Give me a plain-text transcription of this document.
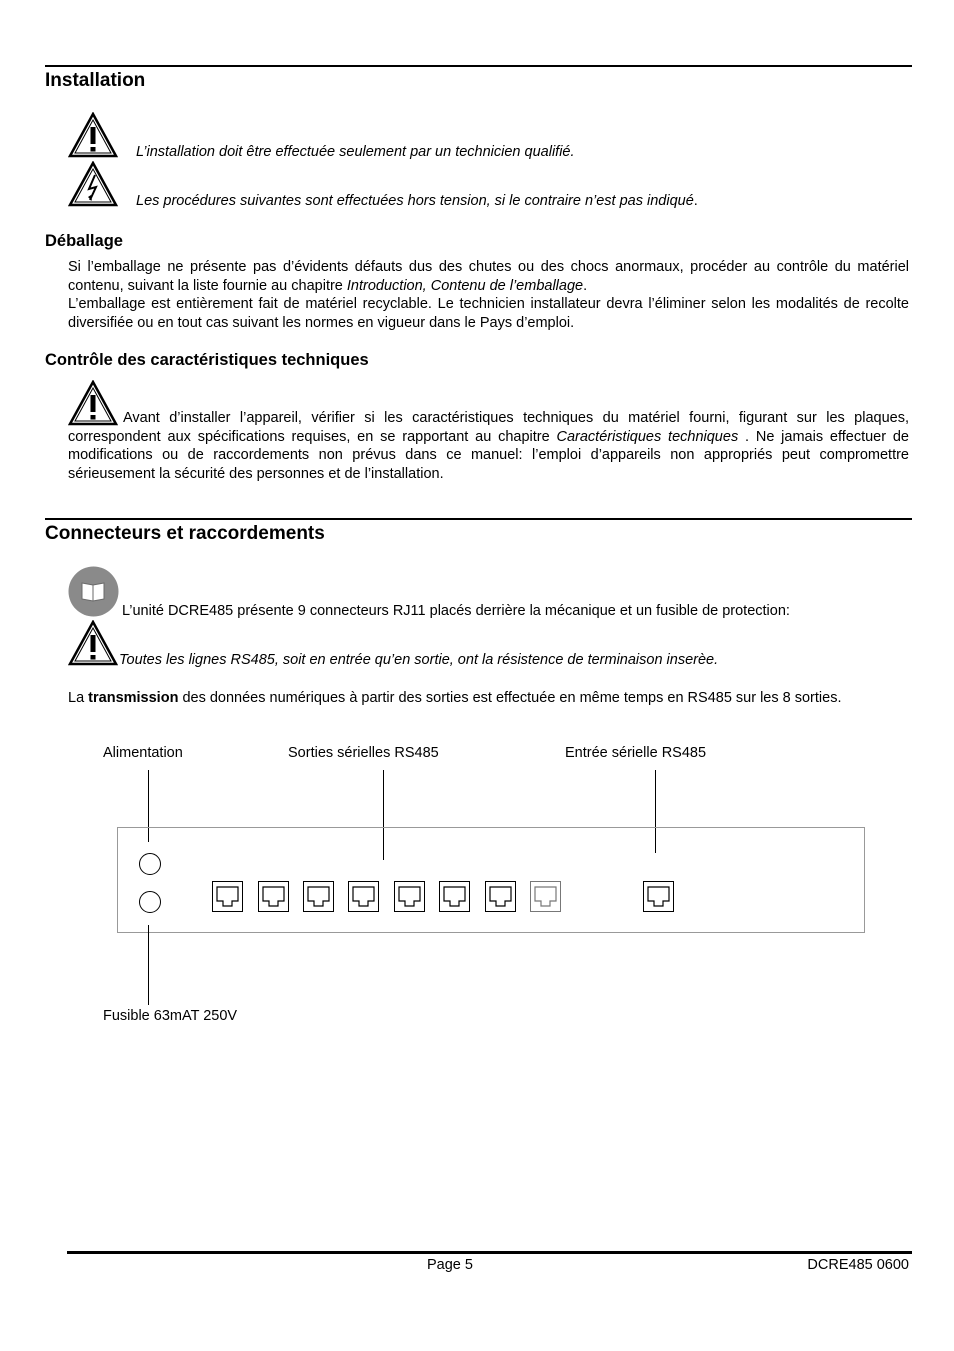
Installation

L’installation doit être effectuée seulement par un technicien qualifié.

Les procédures suivantes sont effectuées hors tension, si le contraire n’est pas indiqué.

Déballage

Si l’emballage ne présente pas d’évidents défauts dus des chutes ou des chocs anormaux, procéder au contrôle du matériel contenu, suivant la liste fournie au chapitre Introduction, Contenu de l’emballage.

L’emballage est entièrement fait de matériel recyclable. Le technicien installateur devra l’éliminer selon les modalités de recolte diversifiée ou en tout cas suivant les normes en vigueur dans le Pays d’emploi.

Contrôle des caractéristiques techniques

Avant d’installer l’appareil, vérifier si les caractéristiques techniques du matériel fourni, figurant sur les plaques, correspondent aux spécifications requises, en se rapportant au chapitre Caractéristiques techniques . Ne jamais effectuer de modifications ou de raccordements non prévus dans ce manuel: l’emploi d’appareils non appropriés peut compromettre sérieusement la sécurité des personnes et de l’installation.

Connecteurs et raccordements

L’unité DCRE485 présente 9 connecteurs RJ11 placés derrière la mécanique et un fusible de protection:

Toutes les lignes RS485, soit en entrée qu’en sortie, ont la résistence de terminaison inserèe.

La transmission des données numériques à partir des sorties est effectuée en même temps en RS485 sur les 8 sorties.

Alimentation	Sorties sérielles RS485	Entrée sérielle RS485
Fusible 63mAT 250V
Page 5	DCRE485 0600
